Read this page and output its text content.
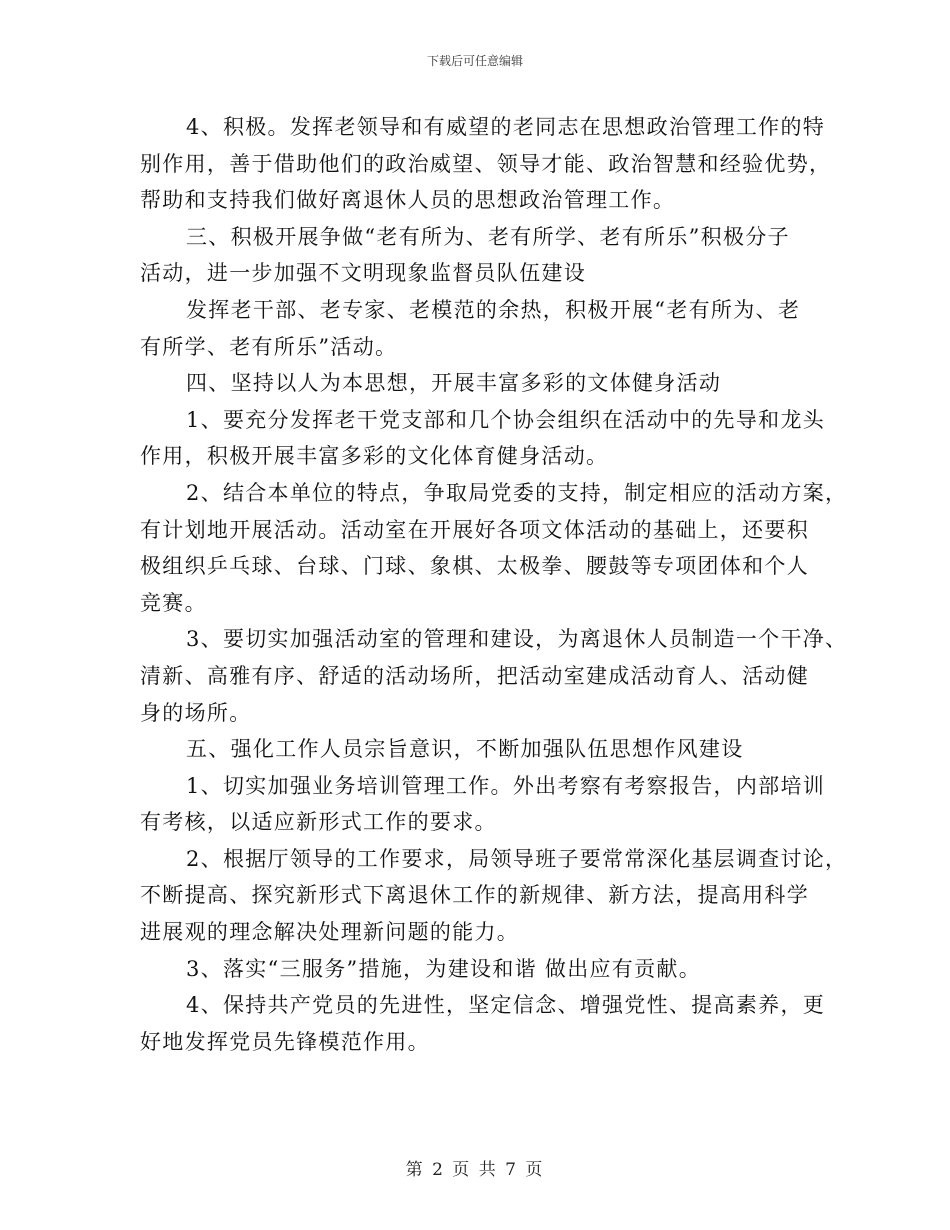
下载后可任意编辑
4、积极。发挥老领导和有威望的老同志在思想政治管理工作的特
别作用，善于借助他们的政治威望、领导才能、政治智慧和经验优势，
帮助和支持我们做好离退休人员的思想政治管理工作。
三、积极开展争做“老有所为、老有所学、老有所乐”积极分子
活动，进一步加强不文明现象监督员队伍建设
发挥老干部、老专家、老模范的余热，积极开展“老有所为、老
有所学、老有所乐”活动。
四、坚持以人为本思想，开展丰富多彩的文体健身活动
1、要充分发挥老干党支部和几个协会组织在活动中的先导和龙头
作用，积极开展丰富多彩的文化体育健身活动。
2、结合本单位的特点，争取局党委的支持，制定相应的活动方案，
有计划地开展活动。活动室在开展好各项文体活动的基础上，还要积
极组织乒乓球、台球、门球、象棋、太极拳、腰鼓等专项团体和个人
竞赛。
3、要切实加强活动室的管理和建设，为离退休人员制造一个干净、
清新、高雅有序、舒适的活动场所，把活动室建成活动育人、活动健
身的场所。
五、强化工作人员宗旨意识，不断加强队伍思想作风建设
1、切实加强业务培训管理工作。外出考察有考察报告，内部培训
有考核，以适应新形式工作的要求。
2、根据厅领导的工作要求，局领导班子要常常深化基层调查讨论，
不断提高、探究新形式下离退休工作的新规律、新方法，提高用科学
进展观的理念解决处理新问题的能力。
3、落实“三服务”措施，为建设和谐 做出应有贡献。
4、保持共产党员的先进性，坚定信念、增强党性、提高素养，更
好地发挥党员先锋模范作用。
第 2 页 共 7 页
